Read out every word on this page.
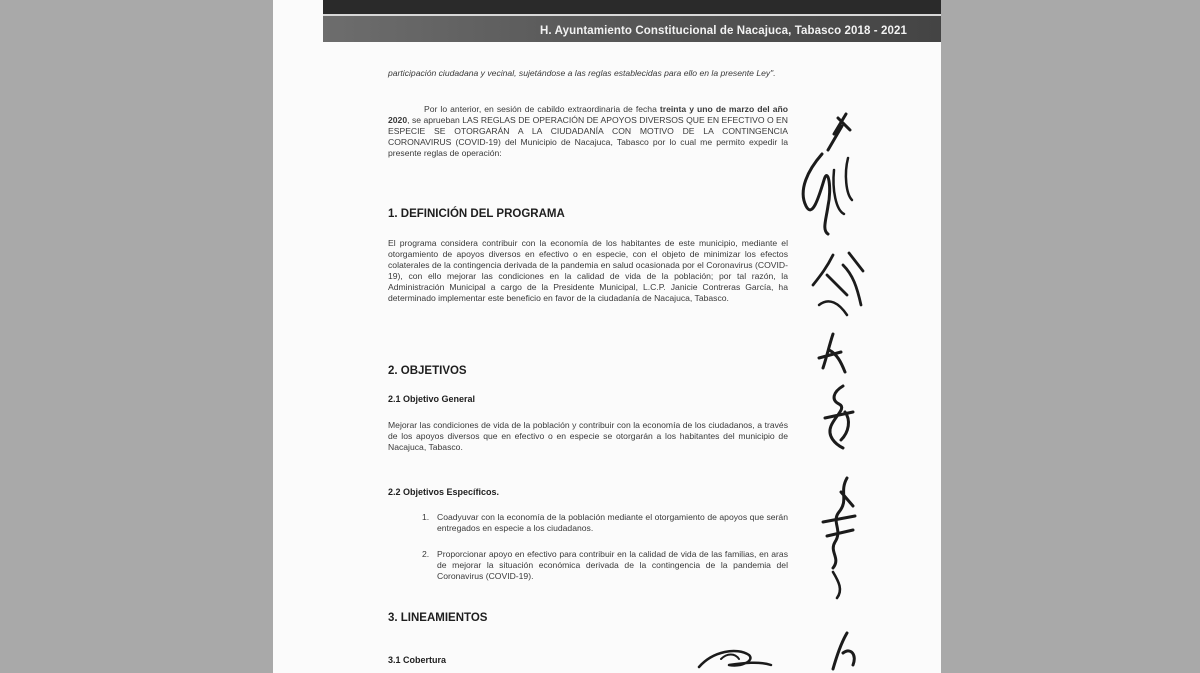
H. Ayuntamiento Constitucional de Nacajuca, Tabasco 2018 - 2021

participación ciudadana y vecinal, sujetándose a las reglas establecidas para ello en la presente Ley".

Por lo anterior, en sesión de cabildo extraordinaria de fecha treinta y uno de marzo del año 2020, se aprueban LAS REGLAS DE OPERACIÓN DE APOYOS DIVERSOS QUE EN EFECTIVO O EN ESPECIE SE OTORGARÁN A LA CIUDADANÍA CON MOTIVO DE LA CONTINGENCIA CORONAVIRUS (COVID-19) del Municipio de Nacajuca, Tabasco por lo cual me permito expedir la presente reglas de operación:

1. DEFINICIÓN DEL PROGRAMA

El programa considera contribuir con la economía de los habitantes de este municipio, mediante el otorgamiento de apoyos diversos en efectivo o en especie, con el objeto de minimizar los efectos colaterales de la contingencia derivada de la pandemia en salud ocasionada por el Coronavirus (COVID-19), con ello mejorar las condiciones en la calidad de vida de la población; por tal razón, la Administración Municipal a cargo de la Presidente Municipal, L.C.P. Janicie Contreras García, ha determinado implementar este beneficio en favor de la ciudadanía de Nacajuca, Tabasco.

2. OBJETIVOS
2.1 Objetivo General

Mejorar las condiciones de vida de la población y contribuir con la economía de los ciudadanos, a través de los apoyos diversos que en efectivo o en especie se otorgarán a los habitantes del municipio de Nacajuca, Tabasco.

2.2 Objetivos Específicos.
1. Coadyuvar con la economía de la población mediante el otorgamiento de apoyos que serán entregados en especie a los ciudadanos.
2. Proporcionar apoyo en efectivo para contribuir en la calidad de vida de las familias, en aras de mejorar la situación económica derivada de la contingencia de la pandemia del Coronavirus (COVID-19).
3. LINEAMIENTOS
3.1 Cobertura
